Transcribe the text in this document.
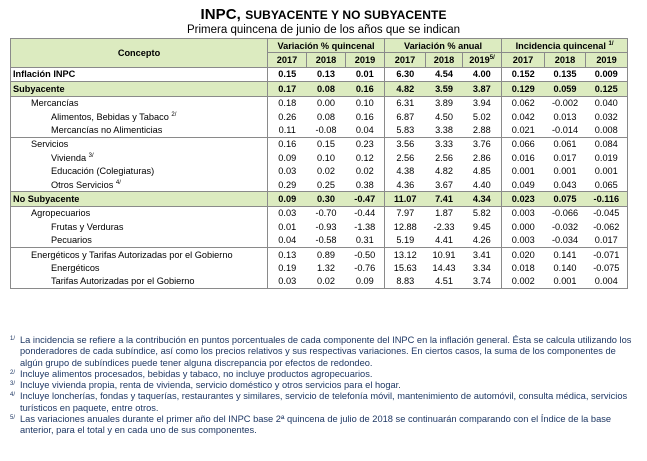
INPC, SUBYACENTE Y NO SUBYACENTE
Primera quincena de junio de los años que se indican
Concepto	Variación % quincenal			Variación % anual			Incidencia quincenal $^{1/}$
	2017	2018	2019	2017	2018	$2019^{5/}$	2017	2018	2019
Inflación INPC	0.15	0.13	0.01	6.30	4.54	4.00	0.152	0.135	0.009
Subyacente	0.17	0.08	0.16	4.82	3.59	3.87	0.129	0.059	0.125
Mercancías	0.18	0.00	0.10	6.31	3.89	3.94	0.062	-0.002	0.040
Alimentos, Bebidas y Tabaco $^{2/}$	0.26	0.08	0.16	6.87	4.50	5.02	0.042	0.013	0.032
Mercancías no Alimenticias	0.11	-0.08	0.04	5.83	3.38	2.88	0.021	-0.014	0.008
Servicios	0.16	0.15	0.23	3.56	3.33	3.76	0.066	0.061	0.084
Vivienda $^{3/}$	0.09	0.10	0.12	2.56	2.56	2.86	0.016	0.017	0.019
Educación (Colegiaturas)	0.03	0.02	0.02	4.38	4.82	4.85	0.001	0.001	0.001
Otros Servicios $^{4/}$	0.29	0.25	0.38	4.36	3.67	4.40	0.049	0.043	0.065
No Subyacente	0.09	0.30	-0.47	11.07	7.41	4.34	0.023	0.075	-0.116
Agropecuarios	0.03	-0.70	-0.44	7.97	1.87	5.82	0.003	-0.066	-0.045
Frutas y Verduras	0.01	-0.93	-1.38	12.88	-2.33	9.45	0.000	-0.032	-0.062
Pecuarios	0.04	-0.58	0.31	5.19	4.41	4.26	0.003	-0.034	0.017
Energéticos y Tarifas Autorizadas por el Gobierno	0.13	0.89	-0.50	13.12	10.91	3.41	0.020	0.141	-0.071
Energéticos	0.19	1.32	-0.76	15.63	14.43	3.34	0.018	0.140	-0.075
Tarifas Autorizadas por el Gobierno	0.03	0.02	0.09	8.83	4.51	3.74	0.002	0.001	0.004
1/ La incidencia se refiere a la contribución en puntos porcentuales de cada componente del INPC en la inflación general. Ésta se calcula utilizando los ponderadores de cada subíndice, así como los precios relativos y sus respectivas variaciones. En ciertos casos, la suma de los componentes de algún grupo de subíndices puede tener alguna discrepancia por efectos de redondeo.
2/ Incluye alimentos procesados, bebidas y tabaco, no incluye productos agropecuarios.
3/ Incluye vivienda propia, renta de vivienda, servicio doméstico y otros servicios para el hogar.
4/ Incluye loncherías, fondas y taquerías, restaurantes y similares, servicio de telefonía móvil, mantenimiento de automóvil, consulta médica, servicios turísticos en paquete, entre otros.
5/ Las variaciones anuales durante el primer año del INPC base 2ª quincena de julio de 2018 se continuarán comparando con el Índice de la base anterior, para el total y en cada uno de sus componentes.
